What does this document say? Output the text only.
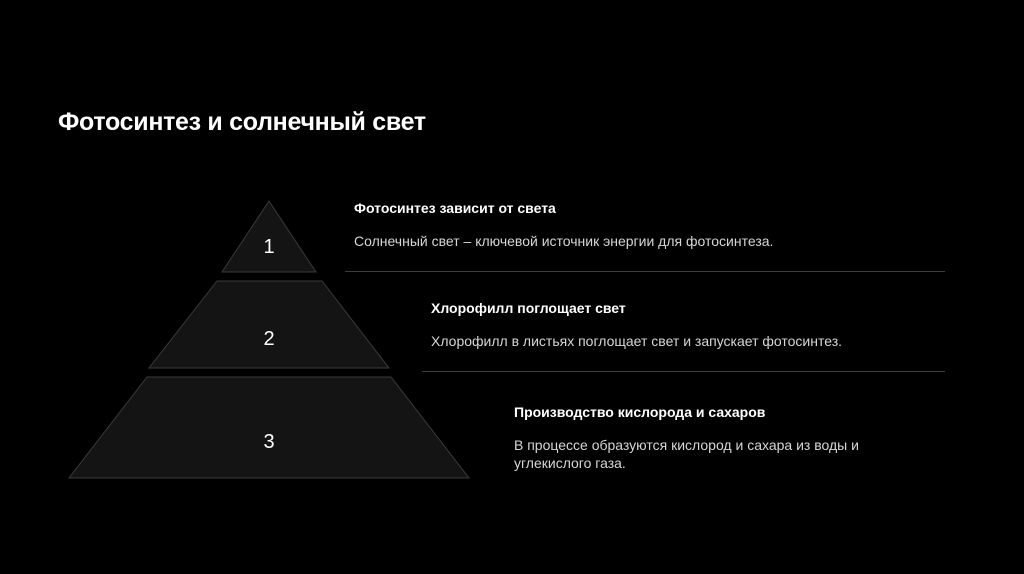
Фотосинтез и солнечный свет
1
2
3

Фотосинтез зависит от света

Солнечный свет – ключевой источник энергии для фотосинтеза.

Хлорофилл поглощает свет

Хлорофилл в листьях поглощает свет и запускает фотосинтез.

Производство кислорода и сахаров

В процессе образуются кислород и сахара из воды и углекислого газа.
